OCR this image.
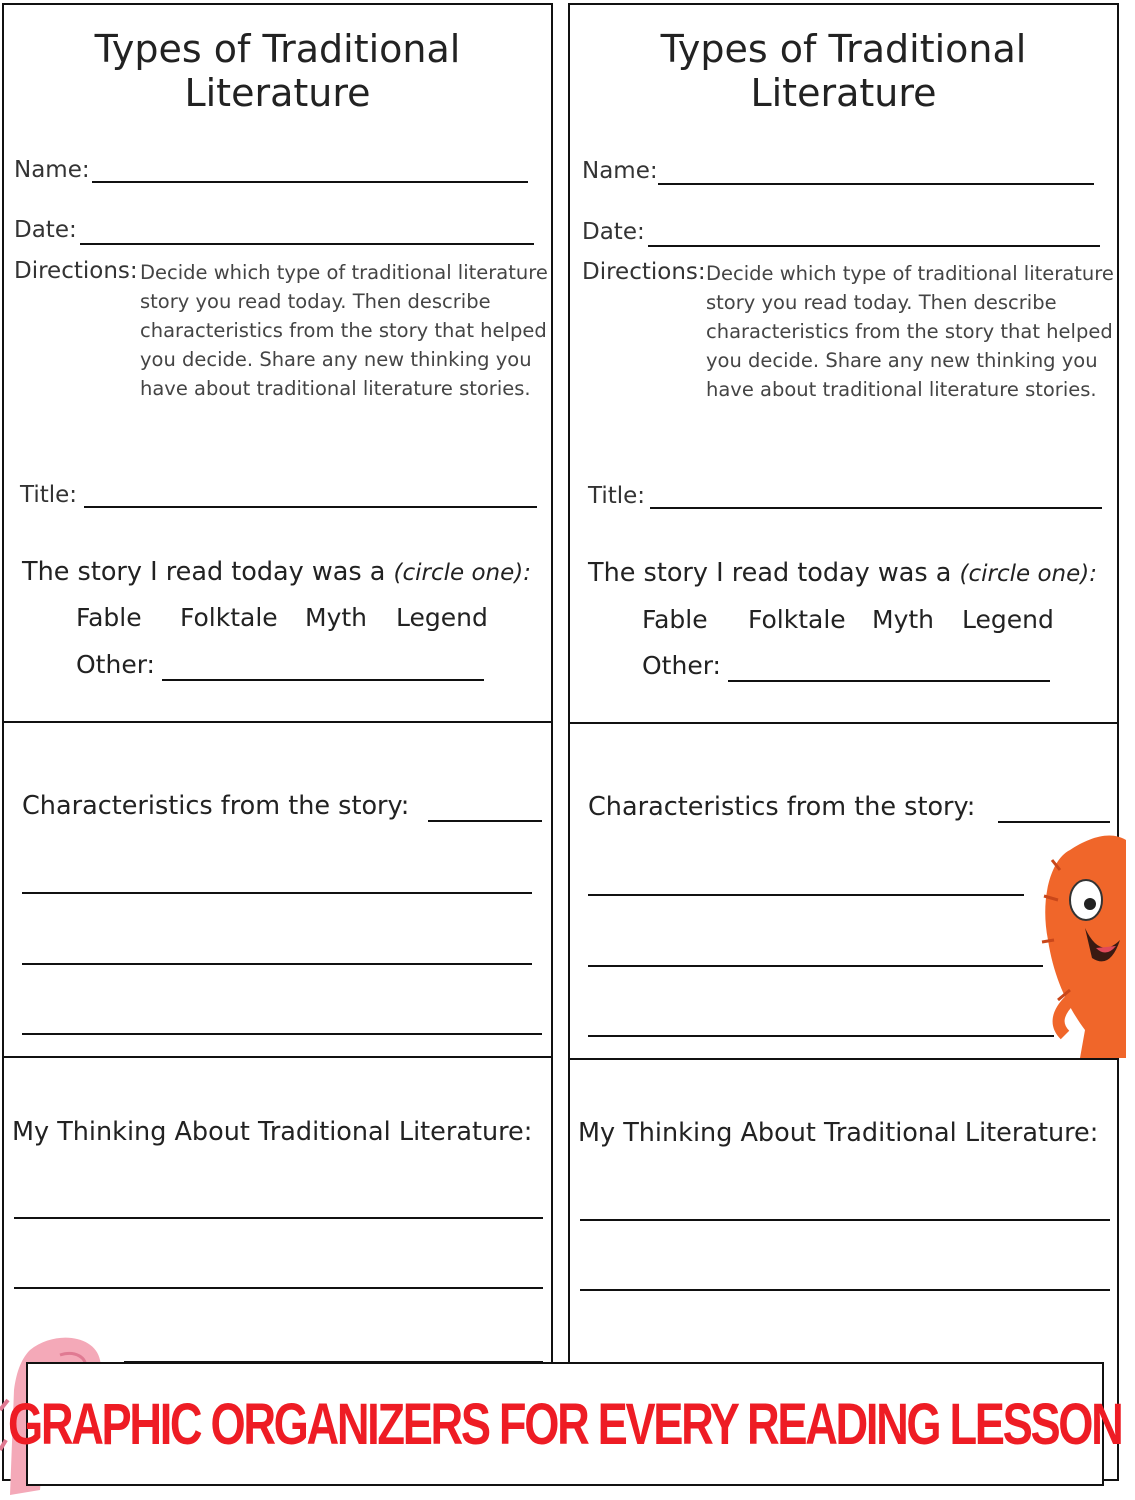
Types of Traditional
Literature
Name:
Date:
Directions: Decide which type of traditional literature story you read today. Then describe characteristics from the story that helped you decide. Share any new thinking you have about traditional literature stories.
Title:
The story I read today was a (circle one):
Fable Folktale Myth Legend
Other:
Characteristics from the story:
My Thinking About Traditional Literature:
Types of Traditional
Literature
Name:
Date:
Directions: Decide which type of traditional literature story you read today. Then describe characteristics from the story that helped you decide. Share any new thinking you have about traditional literature stories.
Title:
The story I read today was a (circle one):
Fable Folktale Myth Legend
Other:
Characteristics from the story:
My Thinking About Traditional Literature:
GRAPHIC ORGANIZERS FOR EVERY READING LESSON
